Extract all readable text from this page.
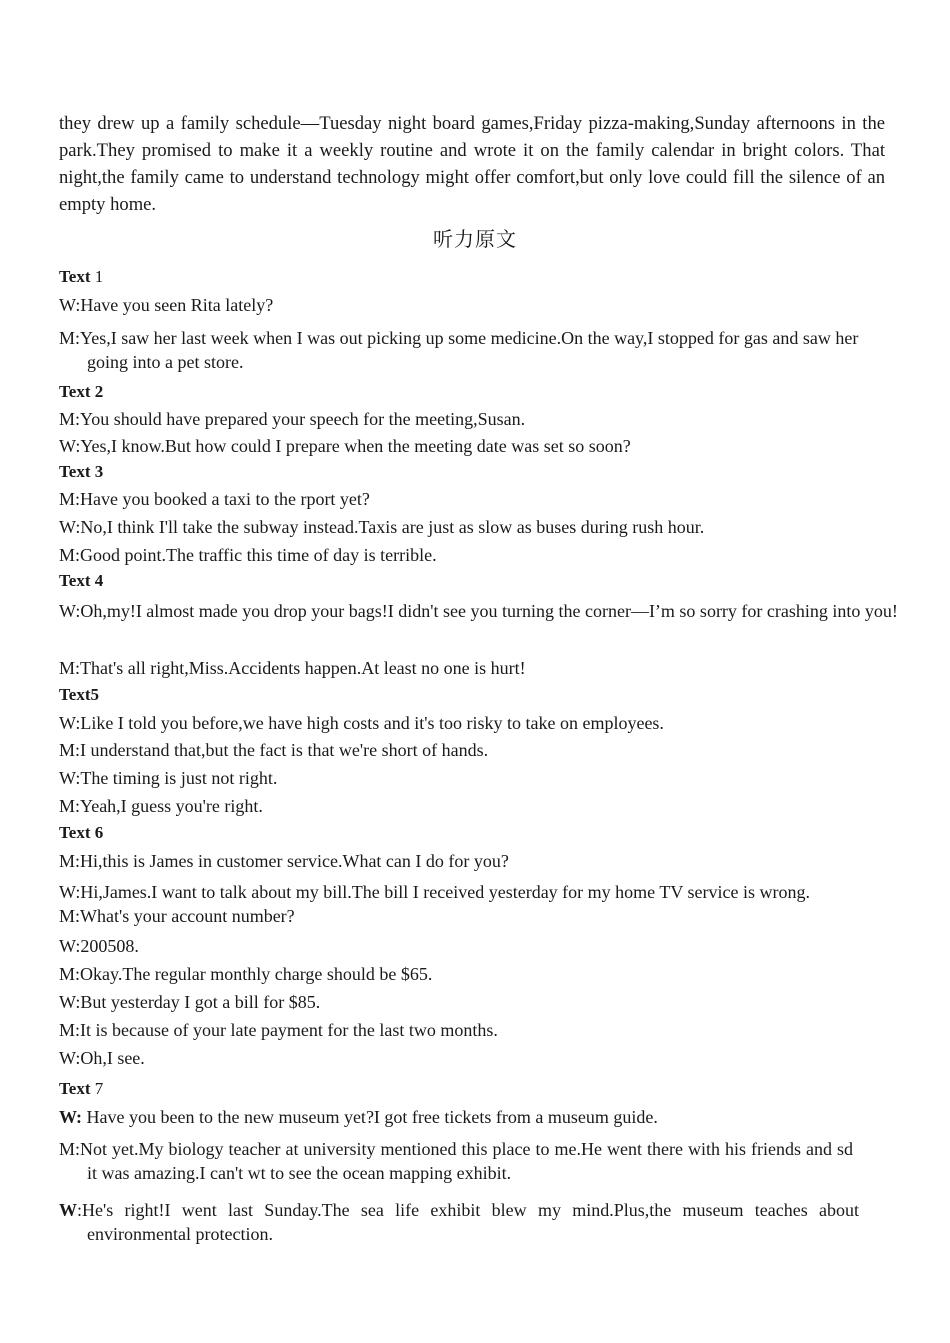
they drew up a family schedule—Tuesday night board games,Friday pizza-making,Sunday afternoons in the park.They promised to make it a weekly routine and wrote it on the family calendar in bright colors. That night,the family came to understand technology might offer comfort,but only love could fill the silence of an empty home.

听力原文
Text 1
W:Have you seen Rita lately?
M:Yes,I saw her last week when I was out picking up some medicine.On the way,I stopped for gas and saw her going into a pet store.
Text 2
M:You should have prepared your speech for the meeting,Susan.
W:Yes,I know.But how could I prepare when the meeting date was set so soon?
Text 3
M:Have you booked a taxi to the rport yet?
W:No,I think I'll take the subway instead.Taxis are just as slow as buses during rush hour.
M:Good point.The traffic this time of day is terrible.
Text 4
W:Oh,my!I almost made you drop your bags!I didn't see you turning the corner—I’m so sorry for crashing into you!
M:That's all right,Miss.Accidents happen.At least no one is hurt!
Text5
W:Like I told you before,we have high costs and it's too risky to take on employees.
M:I understand that,but the fact is that we're short of hands.
W:The timing is just not right.
M:Yeah,I guess you're right.
Text 6
M:Hi,this is James in customer service.What can I do for you?
W:Hi,James.I want to talk about my bill.The bill I received yesterday for my home TV service is wrong. M:What's your account number?
W:200508.
M:Okay.The regular monthly charge should be $65.
W:But yesterday I got a bill for $85.
M:It is because of your late payment for the last two months.
W:Oh,I see.
Text 7
W: Have you been to the new museum yet?I got free tickets from a museum guide.
M:Not yet.My biology teacher at university mentioned this place to me.He went there with his friends and sd it was amazing.I can't wt to see the ocean mapping exhibit.
W:He's right!I went last Sunday.The sea life exhibit blew my mind.Plus,the museum teaches about environmental protection.
